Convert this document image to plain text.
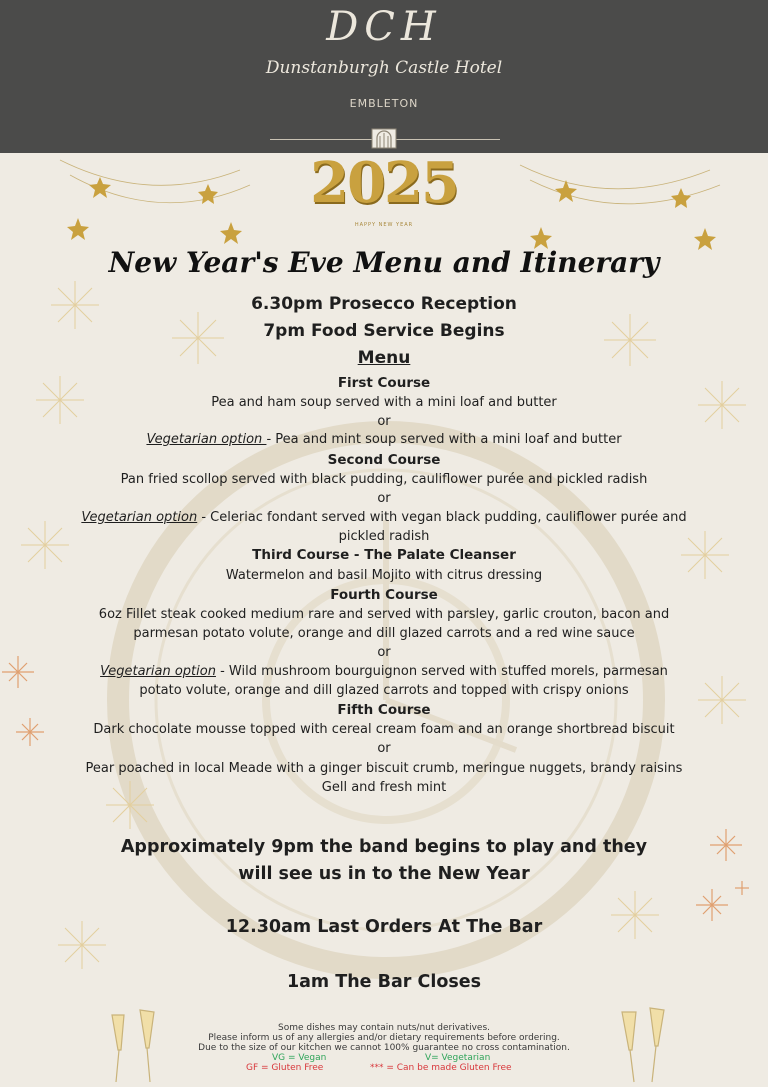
DCH
Dunstanburgh Castle Hotel
EMBLETON
2025
HAPPY NEW YEAR
New Year's Eve Menu and Itinerary
6.30pm Prosecco Reception
7pm Food Service Begins
Menu
First Course
Pea and ham soup served with a mini loaf and butter
or
Vegetarian option - Pea and mint soup served with a mini loaf and butter
Second Course
Pan fried scollop served with black pudding, cauliflower purée and pickled radish
or
Vegetarian option - Celeriac fondant served with vegan black pudding, cauliflower purée and
pickled radish
Third Course - The Palate Cleanser
Watermelon and basil Mojito with citrus dressing
Fourth Course
6oz Fillet steak cooked medium rare and served with parsley, garlic crouton, bacon and
parmesan potato volute, orange and dill glazed carrots and a red wine sauce
or
Vegetarian option - Wild mushroom bourguignon served with stuffed morels, parmesan
potato volute, orange and dill glazed carrots and topped with crispy onions
Fifth Course
Dark chocolate mousse topped with cereal cream foam and an orange shortbread biscuit
or
Pear poached in local Meade with a ginger biscuit crumb, meringue nuggets, brandy raisins
Gell and fresh mint
Approximately 9pm the band begins to play and they
will see us in to the New Year
12.30am Last Orders At The Bar
1am The Bar Closes
Some dishes may contain nuts/nut derivatives.
Please inform us of any allergies and/or dietary requirements before ordering.
Due to the size of our kitchen we cannot 100% guarantee no cross contamination.
VG = Vegan	V= Vegetarian
GF = Gluten Free	*** = Can be made Gluten Free
